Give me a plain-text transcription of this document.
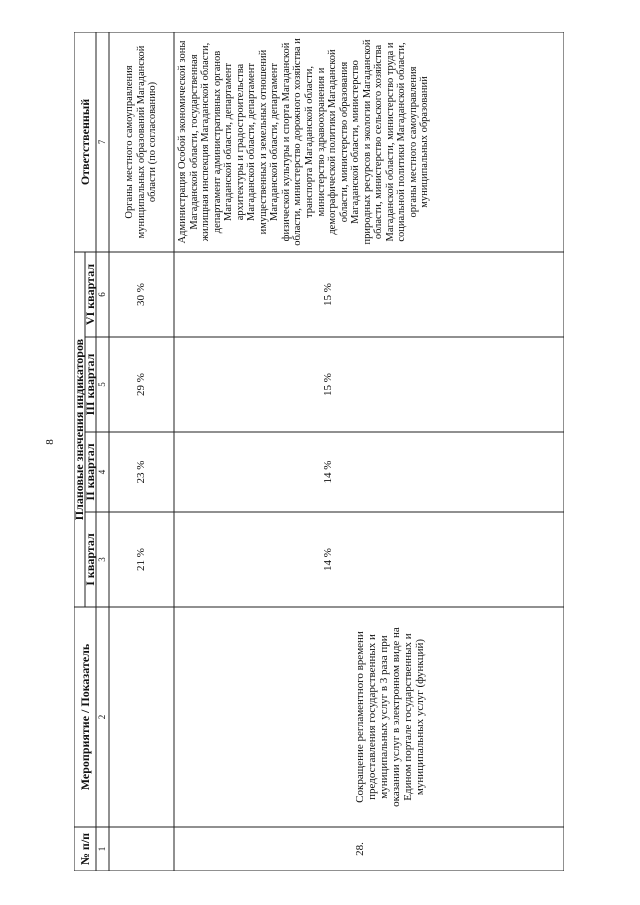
8
№ п/п
Мероприятие / Показатель
Плановые значения индикаторов
I квартал
II квартал
III квартал
VI квартал
Ответственный
1
2
3
4
5
6
7
21 %
23 %
29 %
30 %
Органы местного самоуправления муниципальных образований Магаданской области (по согласованию)
28.
Сокращение регламентного времени предоставления государственных и муниципальных услуг в 3 раза при оказании услуг в электронном виде на Едином портале государственных и муниципальных услуг (функций)
14 %
14 %
15 %
15 %
Администрация Особой экономической зоны Магаданской области, государственная жилищная инспекция Магаданской области, департамент административных органов Магаданской области, департамент архитектуры и градостроительства Магаданской области, департамент имущественных и земельных отношений Магаданской области, департамент физической культуры и спорта Магаданской области, министерство дорожного хозяйства и транспорта Магаданской области, министерство здравоохранения и демографической политики Магаданской области, министерство образования Магаданской области, министерство природных ресурсов и экологии Магаданской области, министерство сельского хозяйства Магаданской области, министерство труда и социальной политики Магаданской области, органы местного самоуправления муниципальных образований
